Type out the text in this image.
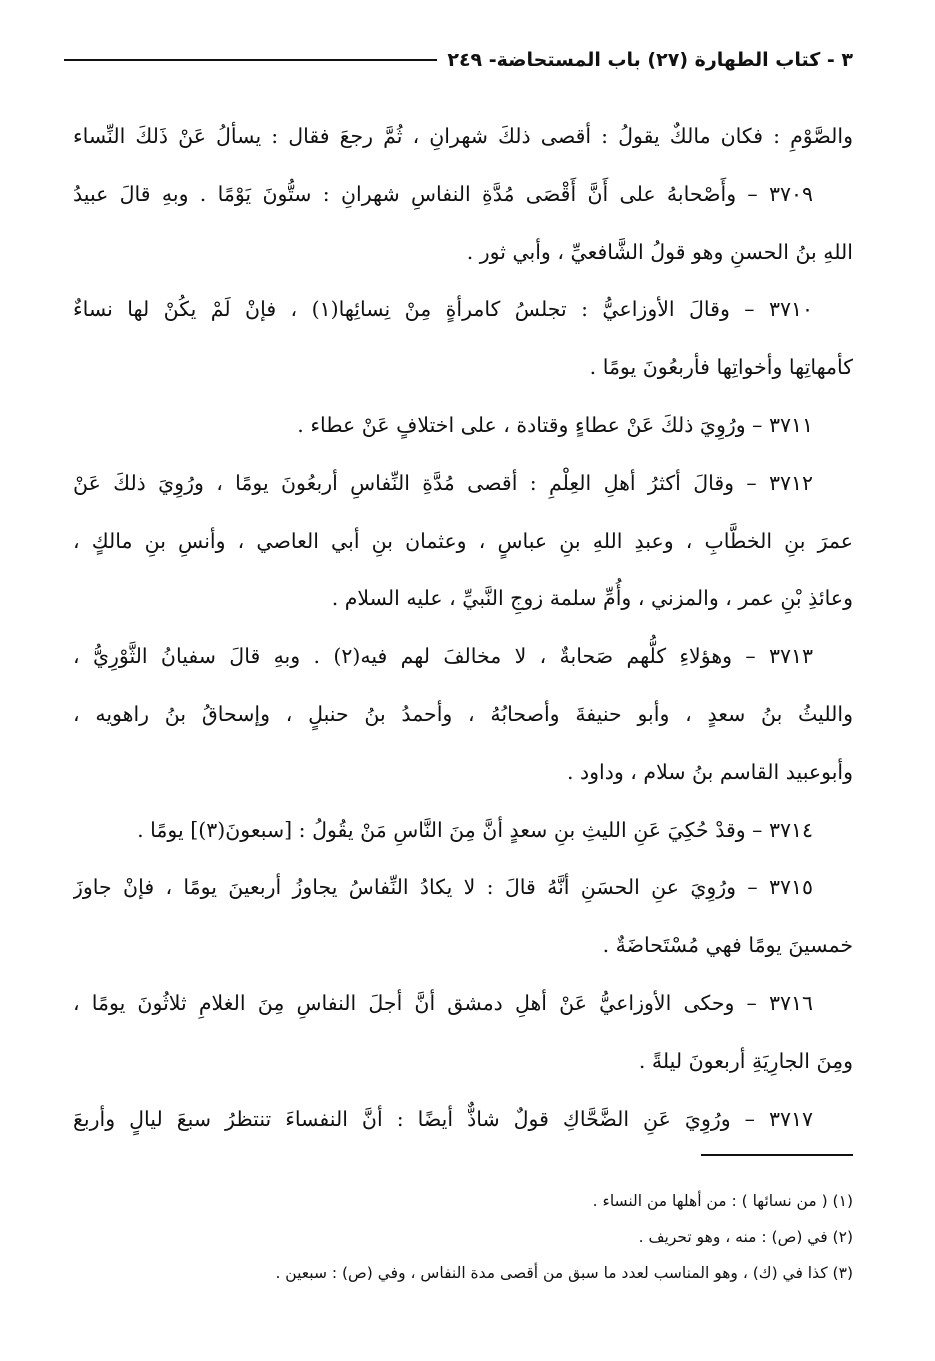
٣ - كتاب الطهارة (٢٧) باب المستحاضة- ٢٤٩
والصَّوْمِ : فكان مالكٌ يقولُ : أقصى ذلكَ شهرانِ ، ثُمَّ رجعَ فقال : يسألُ عَنْ ذَلكَ النِّساء
٣٧٠٩ – وأَصْحابهُ على أَنَّ أَقْصَى مُدَّةِ النفاسِ شهرانِ : ستُّونَ يَوْمًا . وبهِ قالَ عبيدُ
اللهِ بنُ الحسنِ وهو قولُ الشَّافعيِّ ، وأبي ثور .
٣٧١٠ – وقالَ الأوزاعيُّ : تجلسُ كامرأةٍ مِنْ نِسائِها(١) ، فإنْ لَمْ يكُنْ لها نساءٌ
كأمهاتِها وأخواتِها فأربعُونَ يومًا .
٣٧١١ – ورُوِيَ ذلكَ عَنْ عطاءٍ وقتادة ، على اختلافٍ عَنْ عطاء .
٣٧١٢ – وقالَ أكثرُ أهلِ العِلْمِ : أقصى مُدَّةِ النِّفاسِ أربعُونَ يومًا ، ورُوِيَ ذلكَ عَنْ
عمرَ بنِ الخطَّابِ ، وعبدِ اللهِ بنِ عباسٍ ، وعثمان بنِ أبي العاصي ، وأنسِ بنِ مالكٍ ،
وعائذِ بْنِ عمر ، والمزني ، وأُمِّ سلمة زوجِ النَّبيِّ ، عليه السلام .
٣٧١٣ – وهؤلاءِ كلُّهم صَحابةٌ ، لا مخالفَ لهم فيه(٢) . وبهِ قالَ سفيانُ الثَّوْرِيُّ ،
والليثُ بنُ سعدٍ ، وأبو حنيفةَ وأصحابُهُ ، وأحمدُ بنُ حنبلٍ ، وإسحاقُ بنُ راهويه ،
وأبوعبيد القاسم بنُ سلام ، وداود .
٣٧١٤ – وقدْ حُكِيَ عَنِ الليثِ بنِ سعدٍ أنَّ مِنَ النَّاسِ مَنْ يقُولُ : [سبعونَ(٣)] يومًا .
٣٧١٥ – ورُوِيَ عنِ الحسَنِ أنَّهُ قالَ : لا يكادُ النِّفاسُ يجاوزُ أربعينَ يومًا ، فإنْ جاوزَ
خمسينَ يومًا فهي مُسْتَحاضَةٌ .
٣٧١٦ – وحكى الأوزاعيُّ عَنْ أهلِ دمشق أنَّ أجلَ النفاسِ مِنَ الغلامِ ثلاثُونَ يومًا ،
ومِنَ الجارِيَةِ أربعونَ ليلةً .
٣٧١٧ – ورُوِيَ عَنِ الضَّحَّاكِ قولٌ شاذٌّ أيضًا : أنَّ النفساءَ تنتظرُ سبعَ ليالٍ وأربعَ
(١) ( من نسائها ) : من أهلها من النساء .
(٢) في (ص) : منه ، وهو تحريف .
(٣) كذا في (ك) ، وهو المناسب لعدد ما سبق من أقصى مدة النفاس ، وفي (ص) : سبعين .
